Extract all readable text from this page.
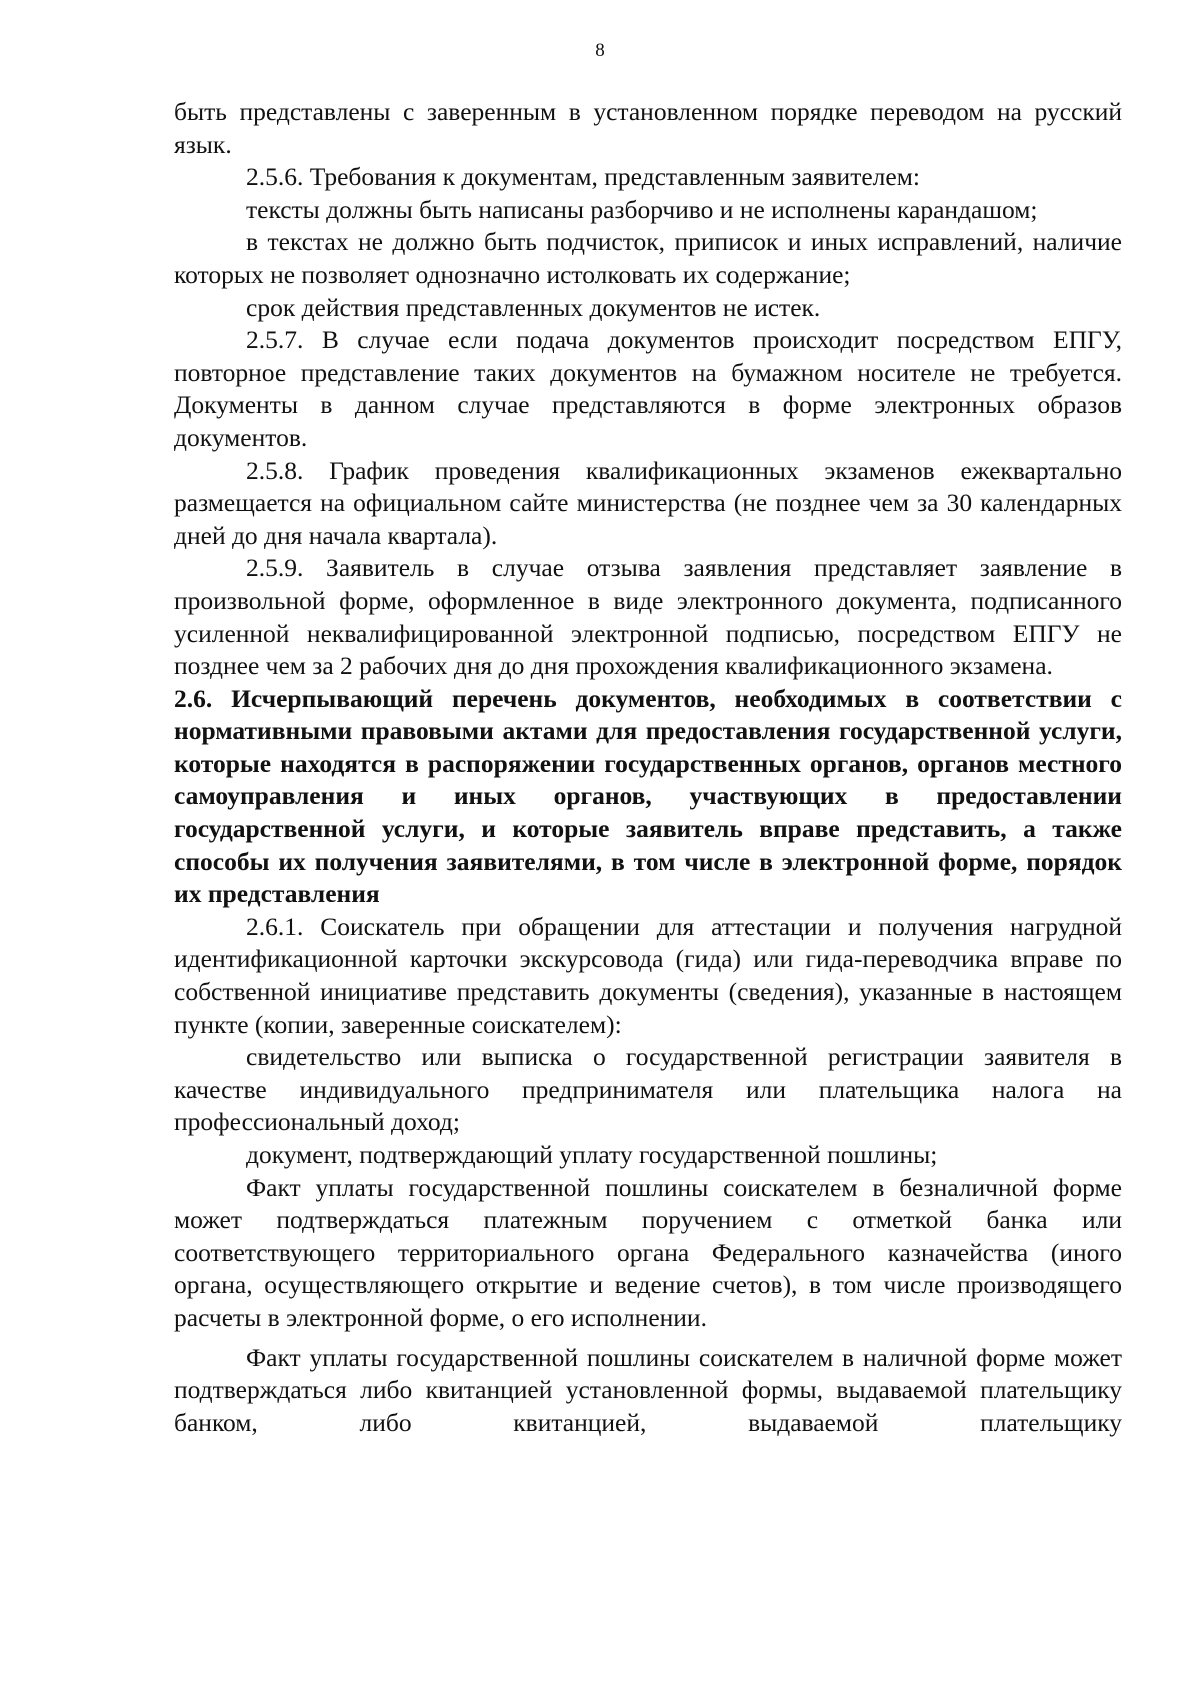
8

быть представлены с заверенным в установленном порядке переводом на русский язык.

2.5.6. Требования к документам, представленным заявителем:

тексты должны быть написаны разборчиво и не исполнены карандашом;

в текстах не должно быть подчисток, приписок и иных исправлений, наличие которых не позволяет однозначно истолковать их содержание;

срок действия представленных документов не истек.

2.5.7. В случае если подача документов происходит посредством ЕПГУ, повторное представление таких документов на бумажном носителе не требуется. Документы в данном случае представляются в форме электронных образов документов.

2.5.8. График проведения квалификационных экзаменов ежеквартально размещается на официальном сайте министерства (не позднее чем за 30 календарных дней до дня начала квартала).

2.5.9. Заявитель в случае отзыва заявления представляет заявление в произвольной форме, оформленное в виде электронного документа, подписанного усиленной неквалифицированной электронной подписью, посредством ЕПГУ не позднее чем за 2 рабочих дня до дня прохождения квалификационного экзамена.

2.6. Исчерпывающий перечень документов, необходимых в соответствии с нормативными правовыми актами для предоставления государственной услуги, которые находятся в распоряжении государственных органов, органов местного самоуправления и иных органов, участвующих в предоставлении государственной услуги, и которые заявитель вправе представить, а также способы их получения заявителями, в том числе в электронной форме, порядок их представления

2.6.1. Соискатель при обращении для аттестации и получения нагрудной идентификационной карточки экскурсовода (гида) или гида-переводчика вправе по собственной инициативе представить документы (сведения), указанные в настоящем пункте (копии, заверенные соискателем):

свидетельство или выписка о государственной регистрации заявителя в качестве индивидуального предпринимателя или плательщика налога на профессиональный доход;

документ, подтверждающий уплату государственной пошлины;

Факт уплаты государственной пошлины соискателем в безналичной форме может подтверждаться платежным поручением с отметкой банка или соответствующего территориального органа Федерального казначейства (иного органа, осуществляющего открытие и ведение счетов), в том числе производящего расчеты в электронной форме, о его исполнении.

Факт уплаты государственной пошлины соискателем в наличной форме может подтверждаться либо квитанцией установленной формы, выдаваемой плательщику банком, либо квитанцией, выдаваемой плательщику
